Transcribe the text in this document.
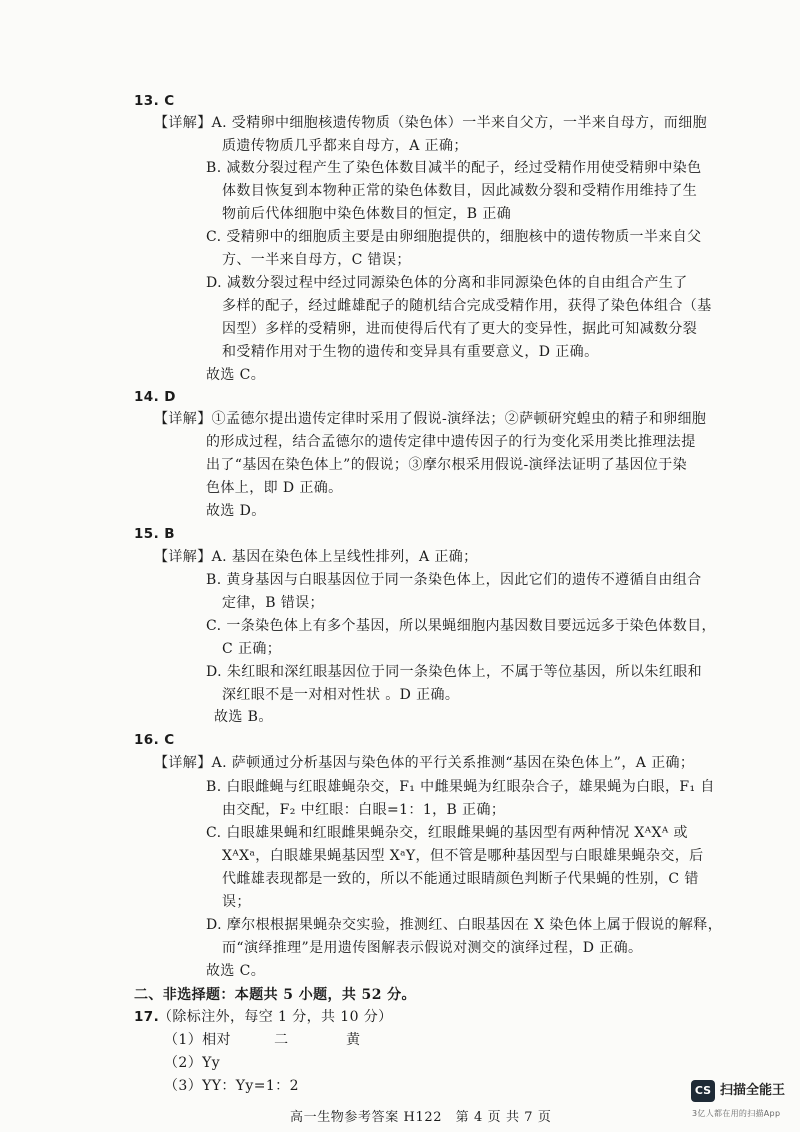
13. C
【详解】A. 受精卵中细胞核遗传物质（染色体）一半来自父方，一半来自母方，而细胞
质遗传物质几乎都来自母方，A 正确；
B. 减数分裂过程产生了染色体数目减半的配子，经过受精作用使受精卵中染色
体数目恢复到本物种正常的染色体数目，因此减数分裂和受精作用维持了生
物前后代体细胞中染色体数目的恒定，B 正确
C. 受精卵中的细胞质主要是由卵细胞提供的，细胞核中的遗传物质一半来自父
方、一半来自母方，C 错误；
D. 减数分裂过程中经过同源染色体的分离和非同源染色体的自由组合产生了
多样的配子，经过雌雄配子的随机结合完成受精作用，获得了染色体组合（基
因型）多样的受精卵，进而使得后代有了更大的变异性，据此可知减数分裂
和受精作用对于生物的遗传和变异具有重要意义，D 正确。
故选 C。
14. D
【详解】①孟德尔提出遗传定律时采用了假说-演绎法；②萨顿研究蝗虫的精子和卵细胞
的形成过程，结合孟德尔的遗传定律中遗传因子的行为变化采用类比推理法提
出了“基因在染色体上”的假说；③摩尔根采用假说-演绎法证明了基因位于染
色体上，即 D 正确。
故选 D。
15. B
【详解】A. 基因在染色体上呈线性排列，A 正确；
B. 黄身基因与白眼基因位于同一条染色体上，因此它们的遗传不遵循自由组合
定律，B 错误；
C. 一条染色体上有多个基因，所以果蝇细胞内基因数目要远远多于染色体数目，
C 正确；
D. 朱红眼和深红眼基因位于同一条染色体上，不属于等位基因，所以朱红眼和
深红眼不是一对相对性状 。D 正确。
故选 B。
16. C
【详解】A. 萨顿通过分析基因与染色体的平行关系推测“基因在染色体上”，A 正确；
B. 白眼雌蝇与红眼雄蝇杂交，F₁ 中雌果蝇为红眼杂合子，雄果蝇为白眼，F₁ 自
由交配，F₂ 中红眼：白眼=1：1，B 正确；
C. 白眼雄果蝇和红眼雌果蝇杂交，红眼雌果蝇的基因型有两种情况 XᴬXᴬ 或
XᴬXᵃ，白眼雄果蝇基因型 XᵃY，但不管是哪种基因型与白眼雄果蝇杂交，后
代雌雄表现都是一致的，所以不能通过眼睛颜色判断子代果蝇的性别，C 错
误；
D. 摩尔根根据果蝇杂交实验，推测红、白眼基因在 X 染色体上属于假说的解释，
而“演绎推理”是用遗传图解表示假说对测交的演绎过程，D 正确。
故选 C。
二、非选择题：本题共 5 小题，共 52 分。
17.
（除标注外，每空 1 分，共 10 分）
（1）相对　　　二　　　　黄
（2）Yy
（3）YY：Yy=1：2
高一生物参考答案 H122　第 4 页 共 7 页
CS 扫描全能王
3亿人都在用的扫描App
